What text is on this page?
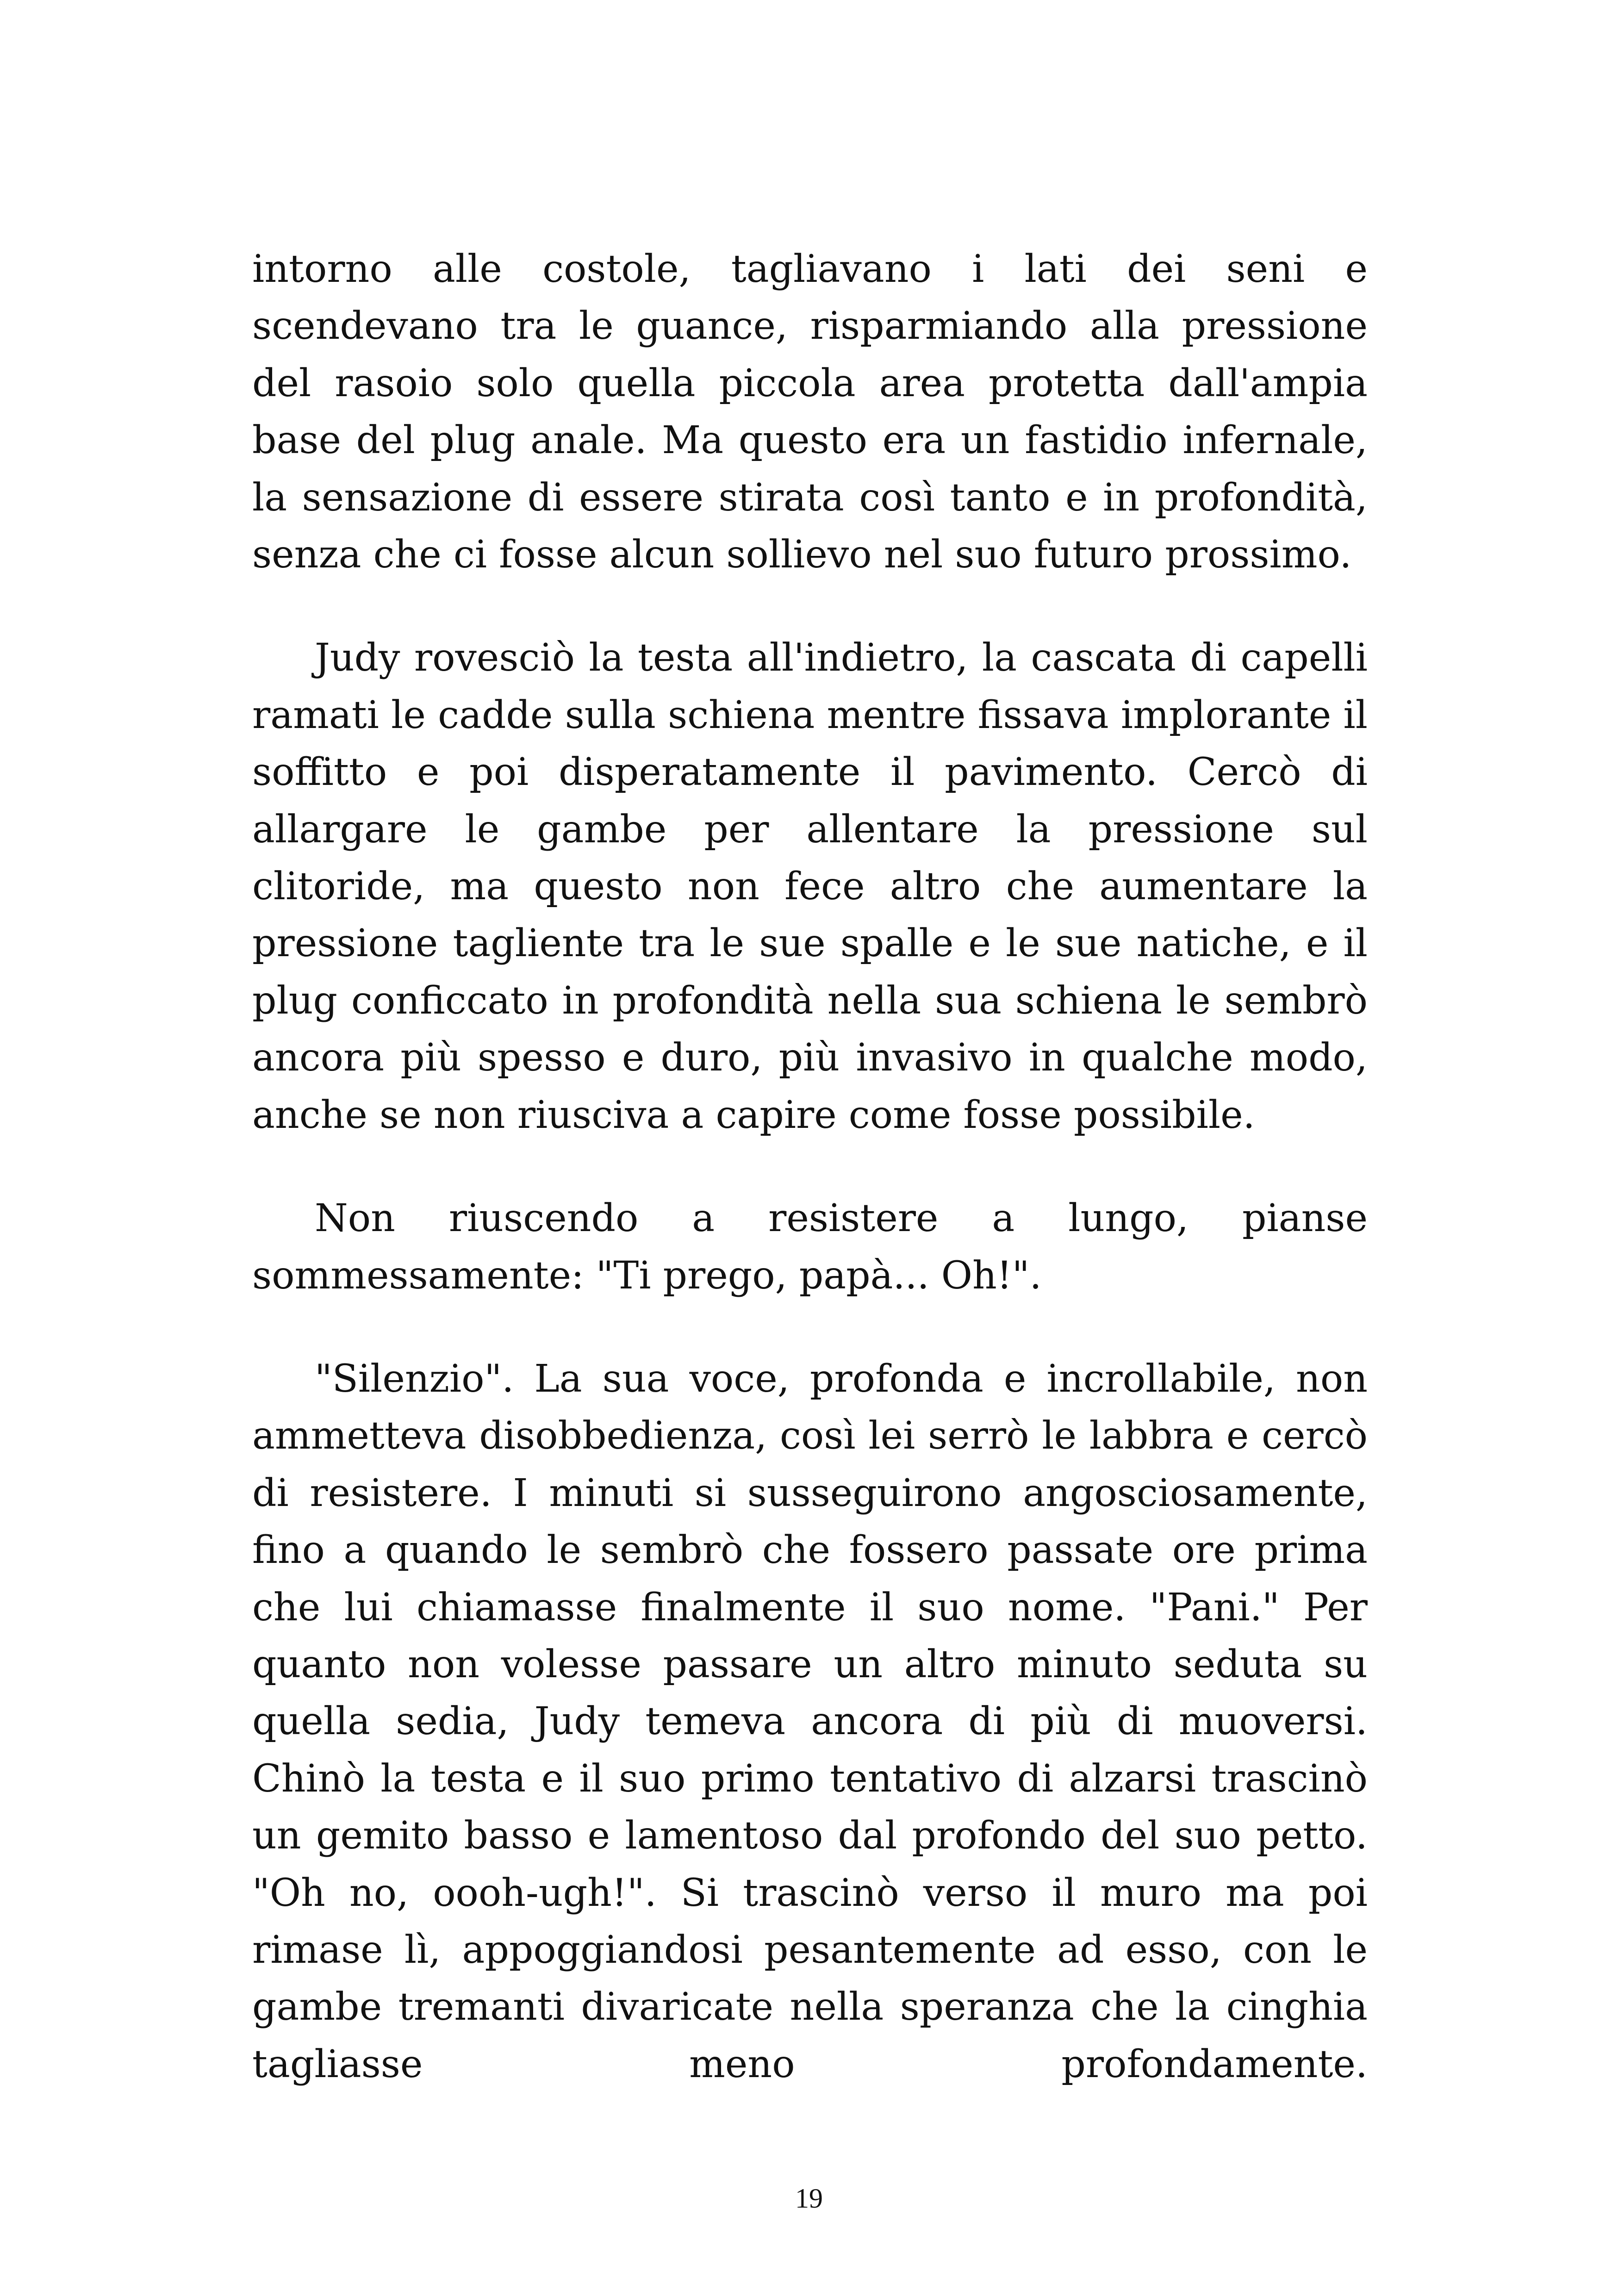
intorno alle costole, tagliavano i lati dei seni e scendevano tra le guance, risparmiando alla pressione del rasoio solo quella piccola area protetta dall'ampia base del plug anale. Ma questo era un fastidio infernale, la sensazione di essere stirata così tanto e in profondità, senza che ci fosse alcun sollievo nel suo futuro prossimo.

Judy rovesciò la testa all'indietro, la cascata di capelli ramati le cadde sulla schiena mentre fissava implorante il soffitto e poi disperatamente il pavimento. Cercò di allargare le gambe per allentare la pressione sul clitoride, ma questo non fece altro che aumentare la pressione tagliente tra le sue spalle e le sue natiche, e il plug conficcato in profondità nella sua schiena le sembrò ancora più spesso e duro, più invasivo in qualche modo, anche se non riusciva a capire come fosse possibile.

Non riuscendo a resistere a lungo, pianse sommessamente: "Ti prego, papà... Oh!".

"Silenzio". La sua voce, profonda e incrollabile, non ammetteva disobbedienza, così lei serrò le labbra e cercò di resistere. I minuti si susseguirono angosciosamente, fino a quando le sembrò che fossero passate ore prima che lui chiamasse finalmente il suo nome. "Pani." Per quanto non volesse passare un altro minuto seduta su quella sedia, Judy temeva ancora di più di muoversi. Chinò la testa e il suo primo tentativo di alzarsi trascinò un gemito basso e lamentoso dal profondo del suo petto. "Oh no, oooh-ugh!". Si trascinò verso il muro ma poi rimase lì, appoggiandosi pesantemente ad esso, con le gambe tremanti divaricate nella speranza che la cinghia tagliasse meno profondamente.

19
